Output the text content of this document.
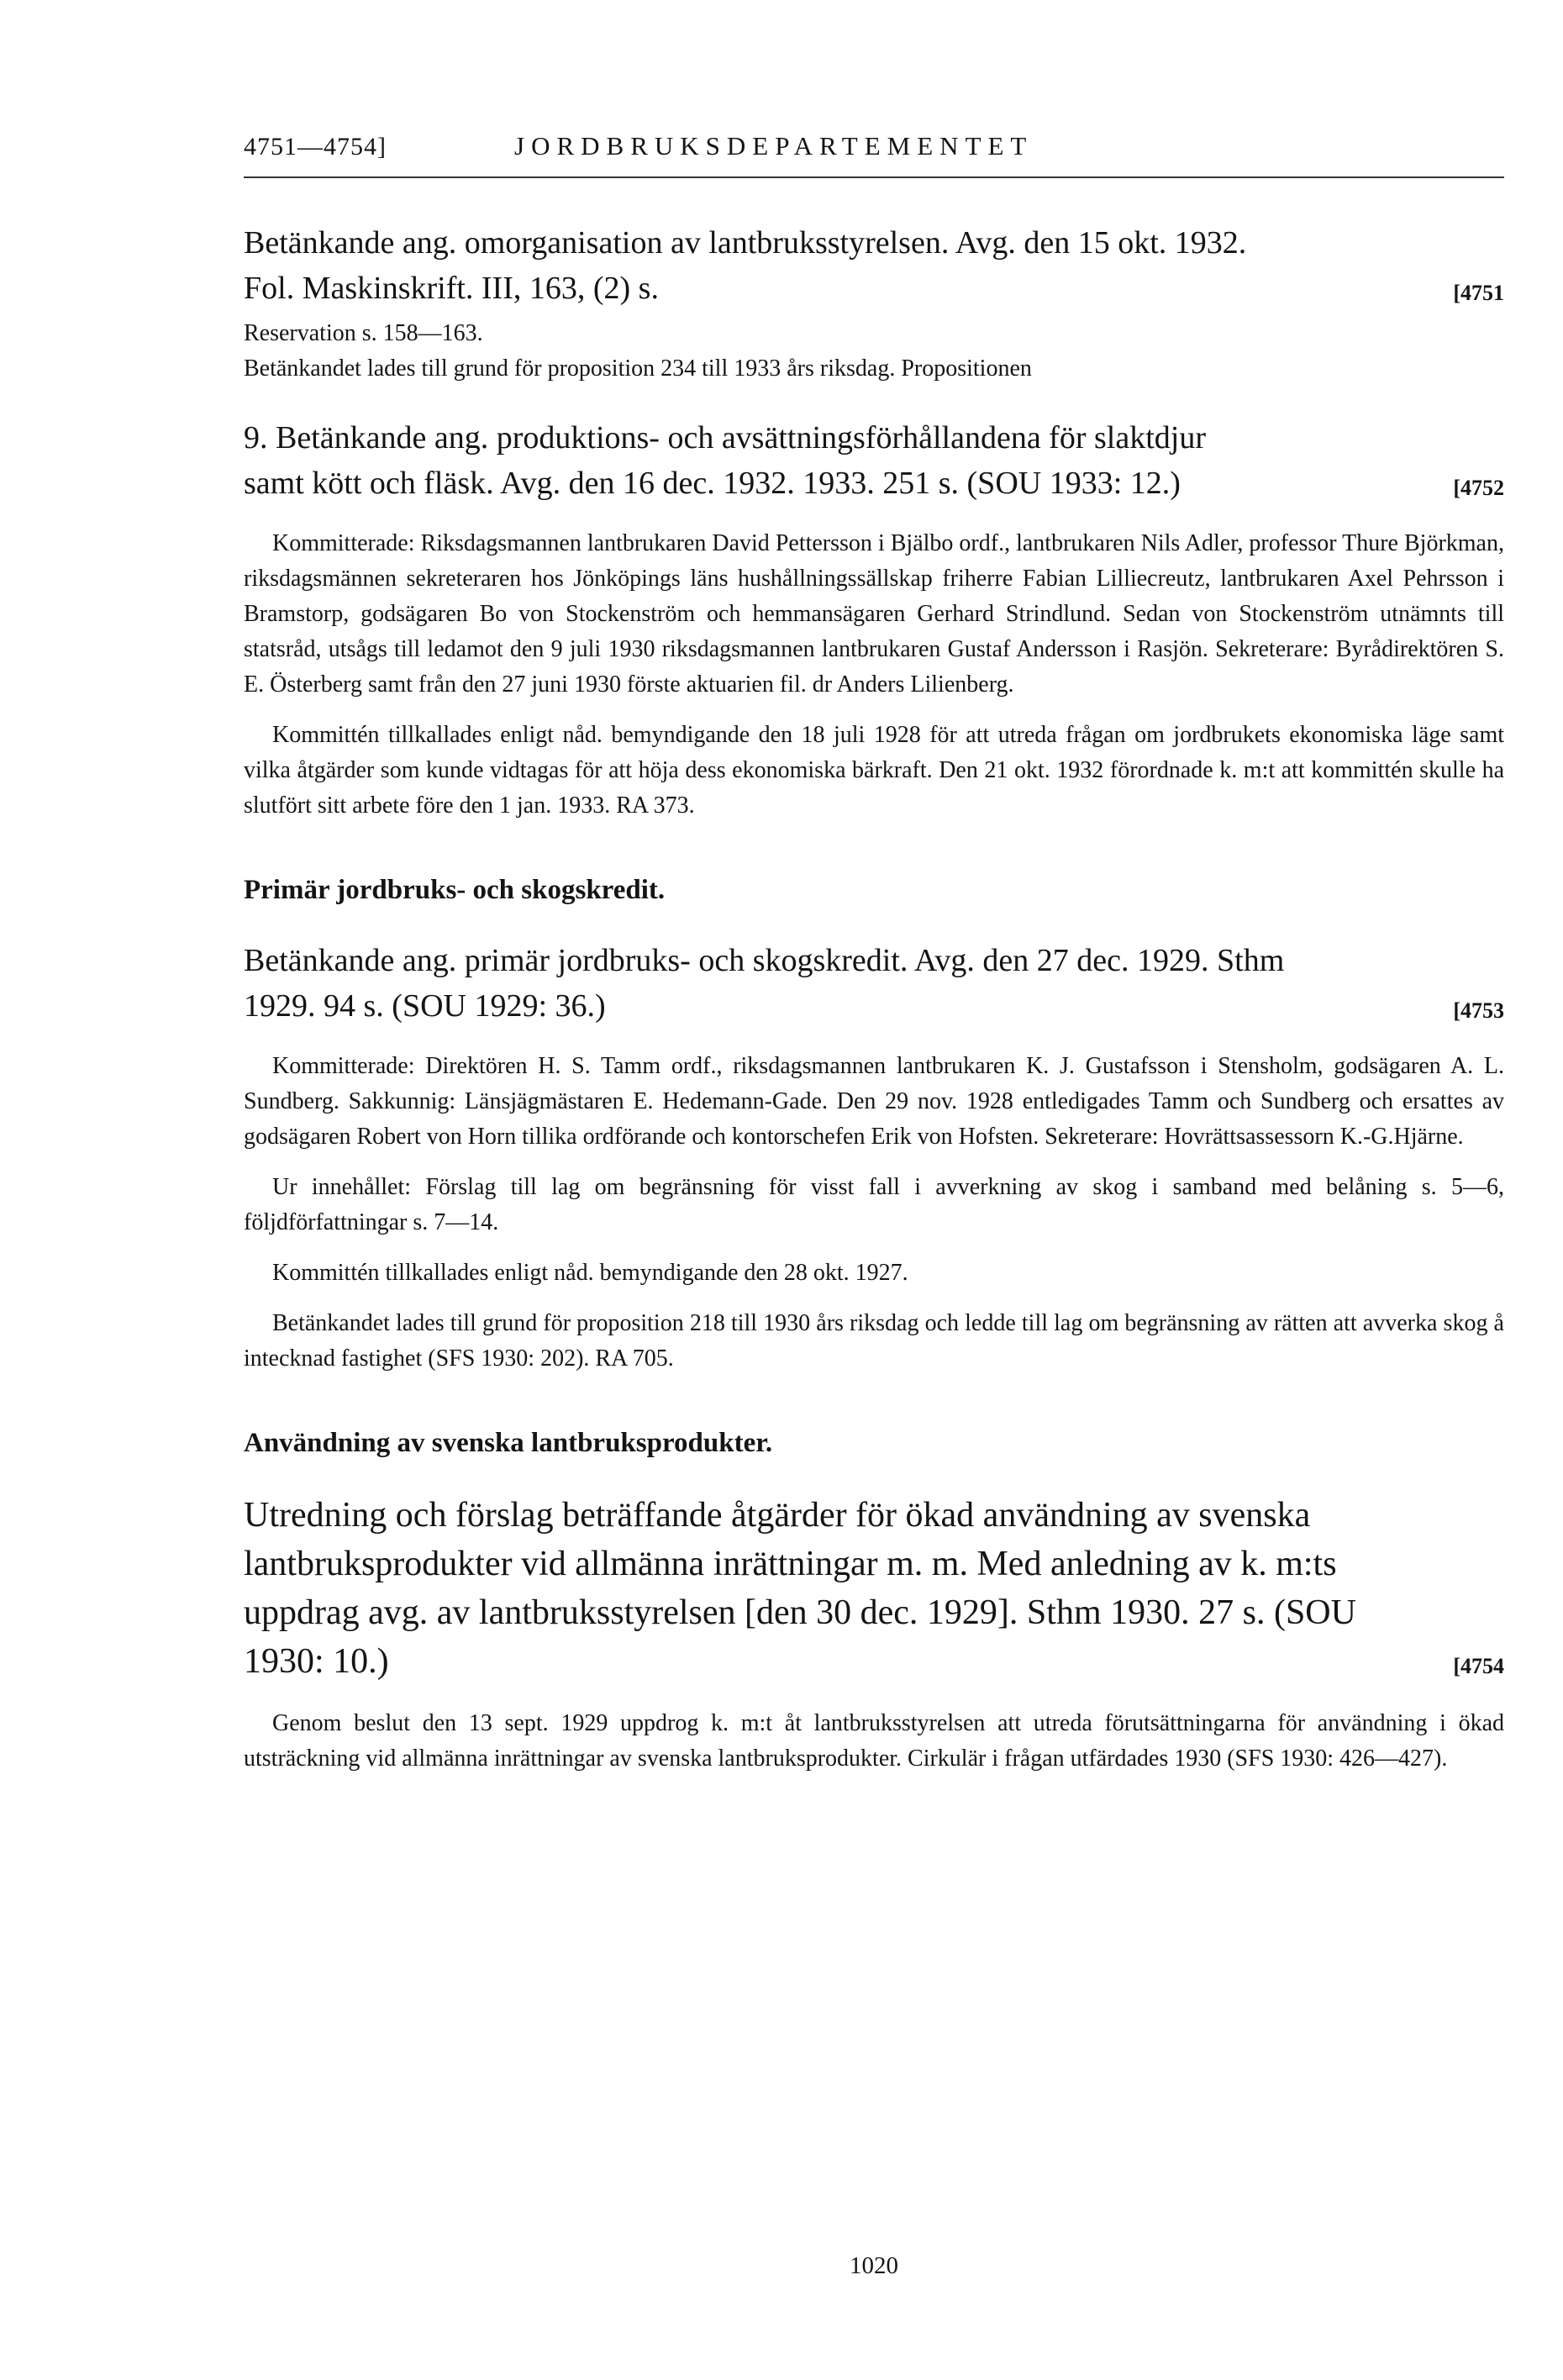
4751—4754]	JORDBRUKSDEPARTEMENTET
Betänkande ang. omorganisation av lantbruksstyrelsen. Avg. den 15 okt. 1932.
[4751
Fol. Maskinskrift. III, 163, (2) s.

Reservation s. 158—163.

Betänkandet lades till grund för proposition 234 till 1933 års riksdag. Propositionen

9. Betänkande ang. produktions- och avsättningsförhållandena för slaktdjur
[4752
samt kött och fläsk. Avg. den 16 dec. 1932. 1933. 251 s. (SOU 1933: 12.)

Kommitterade: Riksdagsmannen lantbrukaren David Pettersson i Bjälbo ordf., lantbrukaren Nils Adler, professor Thure Björkman, riksdagsmännen sekreteraren hos Jönköpings läns hushållningssällskap friherre Fabian Lilliecreutz, lantbrukaren Axel Pehrsson i Bramstorp, godsägaren Bo von Stockenström och hemmansägaren Gerhard Strindlund. Sedan von Stockenström utnämnts till statsråd, utsågs till ledamot den 9 juli 1930 riksdagsmannen lantbrukaren Gustaf Andersson i Rasjön. Sekreterare: Byrådirektören S. E. Österberg samt från den 27 juni 1930 förste aktuarien fil. dr Anders Lilienberg.

Kommittén tillkallades enligt nåd. bemyndigande den 18 juli 1928 för att utreda frågan om jordbrukets ekonomiska läge samt vilka åtgärder som kunde vidtagas för att höja dess ekonomiska bärkraft. Den 21 okt. 1932 förordnade k. m:t att kommittén skulle ha slutfört sitt arbete före den 1 jan. 1933. RA 373.

Primär jordbruks- och skogskredit.

Betänkande ang. primär jordbruks- och skogskredit. Avg. den 27 dec. 1929. Sthm
[4753
1929. 94 s. (SOU 1929: 36.)

Kommitterade: Direktören H. S. Tamm ordf., riksdagsmannen lantbrukaren K. J. Gustafsson i Stensholm, godsägaren A. L. Sundberg. Sakkunnig: Länsjägmästaren E. Hedemann-Gade. Den 29 nov. 1928 entledigades Tamm och Sundberg och ersattes av godsägaren Robert von Horn tillika ordförande och kontorschefen Erik von Hofsten. Sekreterare: Hovrättsassessorn K.-G.Hjärne.

Ur innehållet: Förslag till lag om begränsning för visst fall i avverkning av skog i samband med belåning s. 5—6, följdförfattningar s. 7—14.

Kommittén tillkallades enligt nåd. bemyndigande den 28 okt. 1927.

Betänkandet lades till grund för proposition 218 till 1930 års riksdag och ledde till lag om begränsning av rätten att avverka skog å intecknad fastighet (SFS 1930: 202). RA 705.

Användning av svenska lantbruksprodukter.

Utredning och förslag beträffande åtgärder för ökad användning av svenska
lantbruksprodukter vid allmänna inrättningar m. m. Med anledning av k. m:ts
uppdrag avg. av lantbruksstyrelsen [den 30 dec. 1929]. Sthm 1930. 27 s. (SOU
[4754
1930: 10.)

Genom beslut den 13 sept. 1929 uppdrog k. m:t åt lantbruksstyrelsen att utreda förutsättningarna för användning i ökad utsträckning vid allmänna inrättningar av svenska lantbruksprodukter. Cirkulär i frågan utfärdades 1930 (SFS 1930: 426—427).

1020
